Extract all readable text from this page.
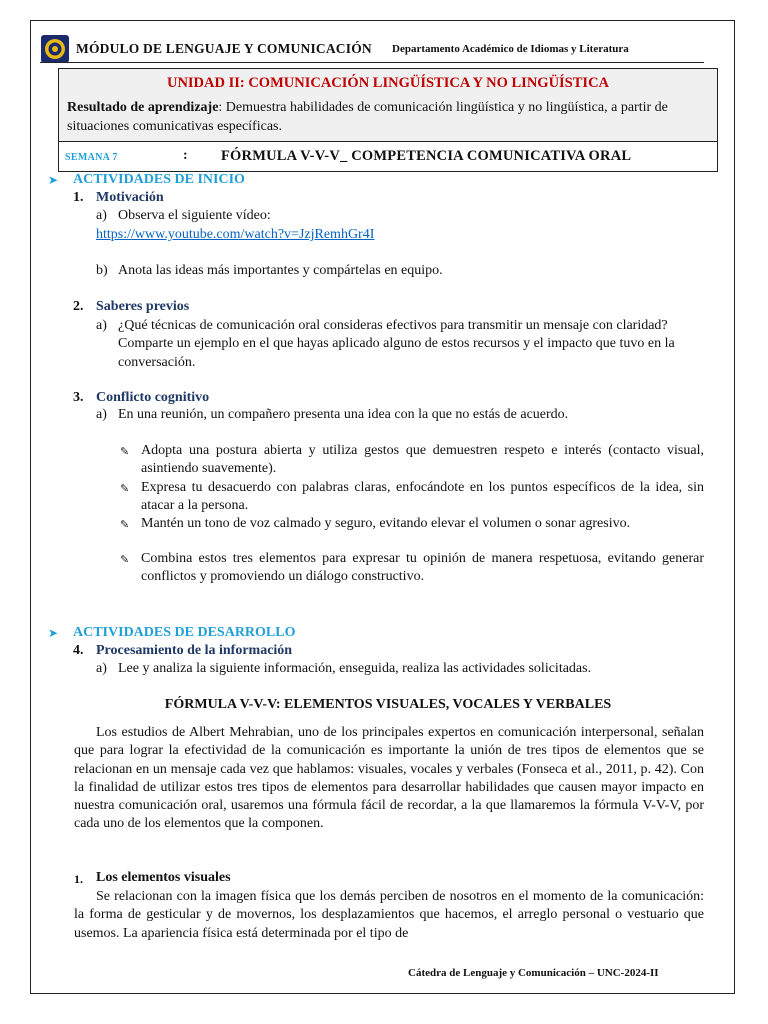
MÓDULO DE LENGUAJE Y COMUNICACIÓN Departamento Académico de Idiomas y Literatura
UNIDAD II: COMUNICACIÓN LINGÜÍSTICA Y NO LINGÜÍSTICA
Resultado de aprendizaje: Demuestra habilidades de comunicación lingüística y no lingüística, a partir de situaciones comunicativas específicas.
SEMANA 7	: FÓRMULA V-V-V_ COMPETENCIA COMUNICATIVA ORAL
➤ ACTIVIDADES DE INICIO
1. Motivación
a) Observa el siguiente vídeo:
https://www.youtube.com/watch?v=JzjRemhGr4I
b) Anota las ideas más importantes y compártelas en equipo.
2. Saberes previos
a) ¿Qué técnicas de comunicación oral consideras efectivos para transmitir un mensaje con claridad? Comparte un ejemplo en el que hayas aplicado alguno de estos recursos y el impacto que tuvo en la conversación.
3. Conflicto cognitivo
a) En una reunión, un compañero presenta una idea con la que no estás de acuerdo.
✎ Adopta una postura abierta y utiliza gestos que demuestren respeto e interés (contacto visual, asintiendo suavemente).
✎ Expresa tu desacuerdo con palabras claras, enfocándote en los puntos específicos de la idea, sin atacar a la persona.
✎ Mantén un tono de voz calmado y seguro, evitando elevar el volumen o sonar agresivo.
✎ Combina estos tres elementos para expresar tu opinión de manera respetuosa, evitando generar conflictos y promoviendo un diálogo constructivo.
➤ ACTIVIDADES DE DESARROLLO
4. Procesamiento de la información
a) Lee y analiza la siguiente información, enseguida, realiza las actividades solicitadas.
FÓRMULA V-V-V: ELEMENTOS VISUALES, VOCALES Y VERBALES
Los estudios de Albert Mehrabian, uno de los principales expertos en comunicación interpersonal, señalan que para lograr la efectividad de la comunicación es importante la unión de tres tipos de elementos que se relacionan en un mensaje cada vez que hablamos: visuales, vocales y verbales (Fonseca et al., 2011, p. 42). Con la finalidad de utilizar estos tres tipos de elementos para desarrollar habilidades que causen mayor impacto en nuestra comunicación oral, usaremos una fórmula fácil de recordar, a la que llamaremos la fórmula V-V-V, por cada uno de los elementos que la componen.
1. Los elementos visuales
Se relacionan con la imagen física que los demás perciben de nosotros en el momento de la comunicación: la forma de gesticular y de movernos, los desplazamientos que hacemos, el arreglo personal o vestuario que usemos. La apariencia física está determinada por el tipo de
Cátedra de Lenguaje y Comunicación – UNC-2024-II
